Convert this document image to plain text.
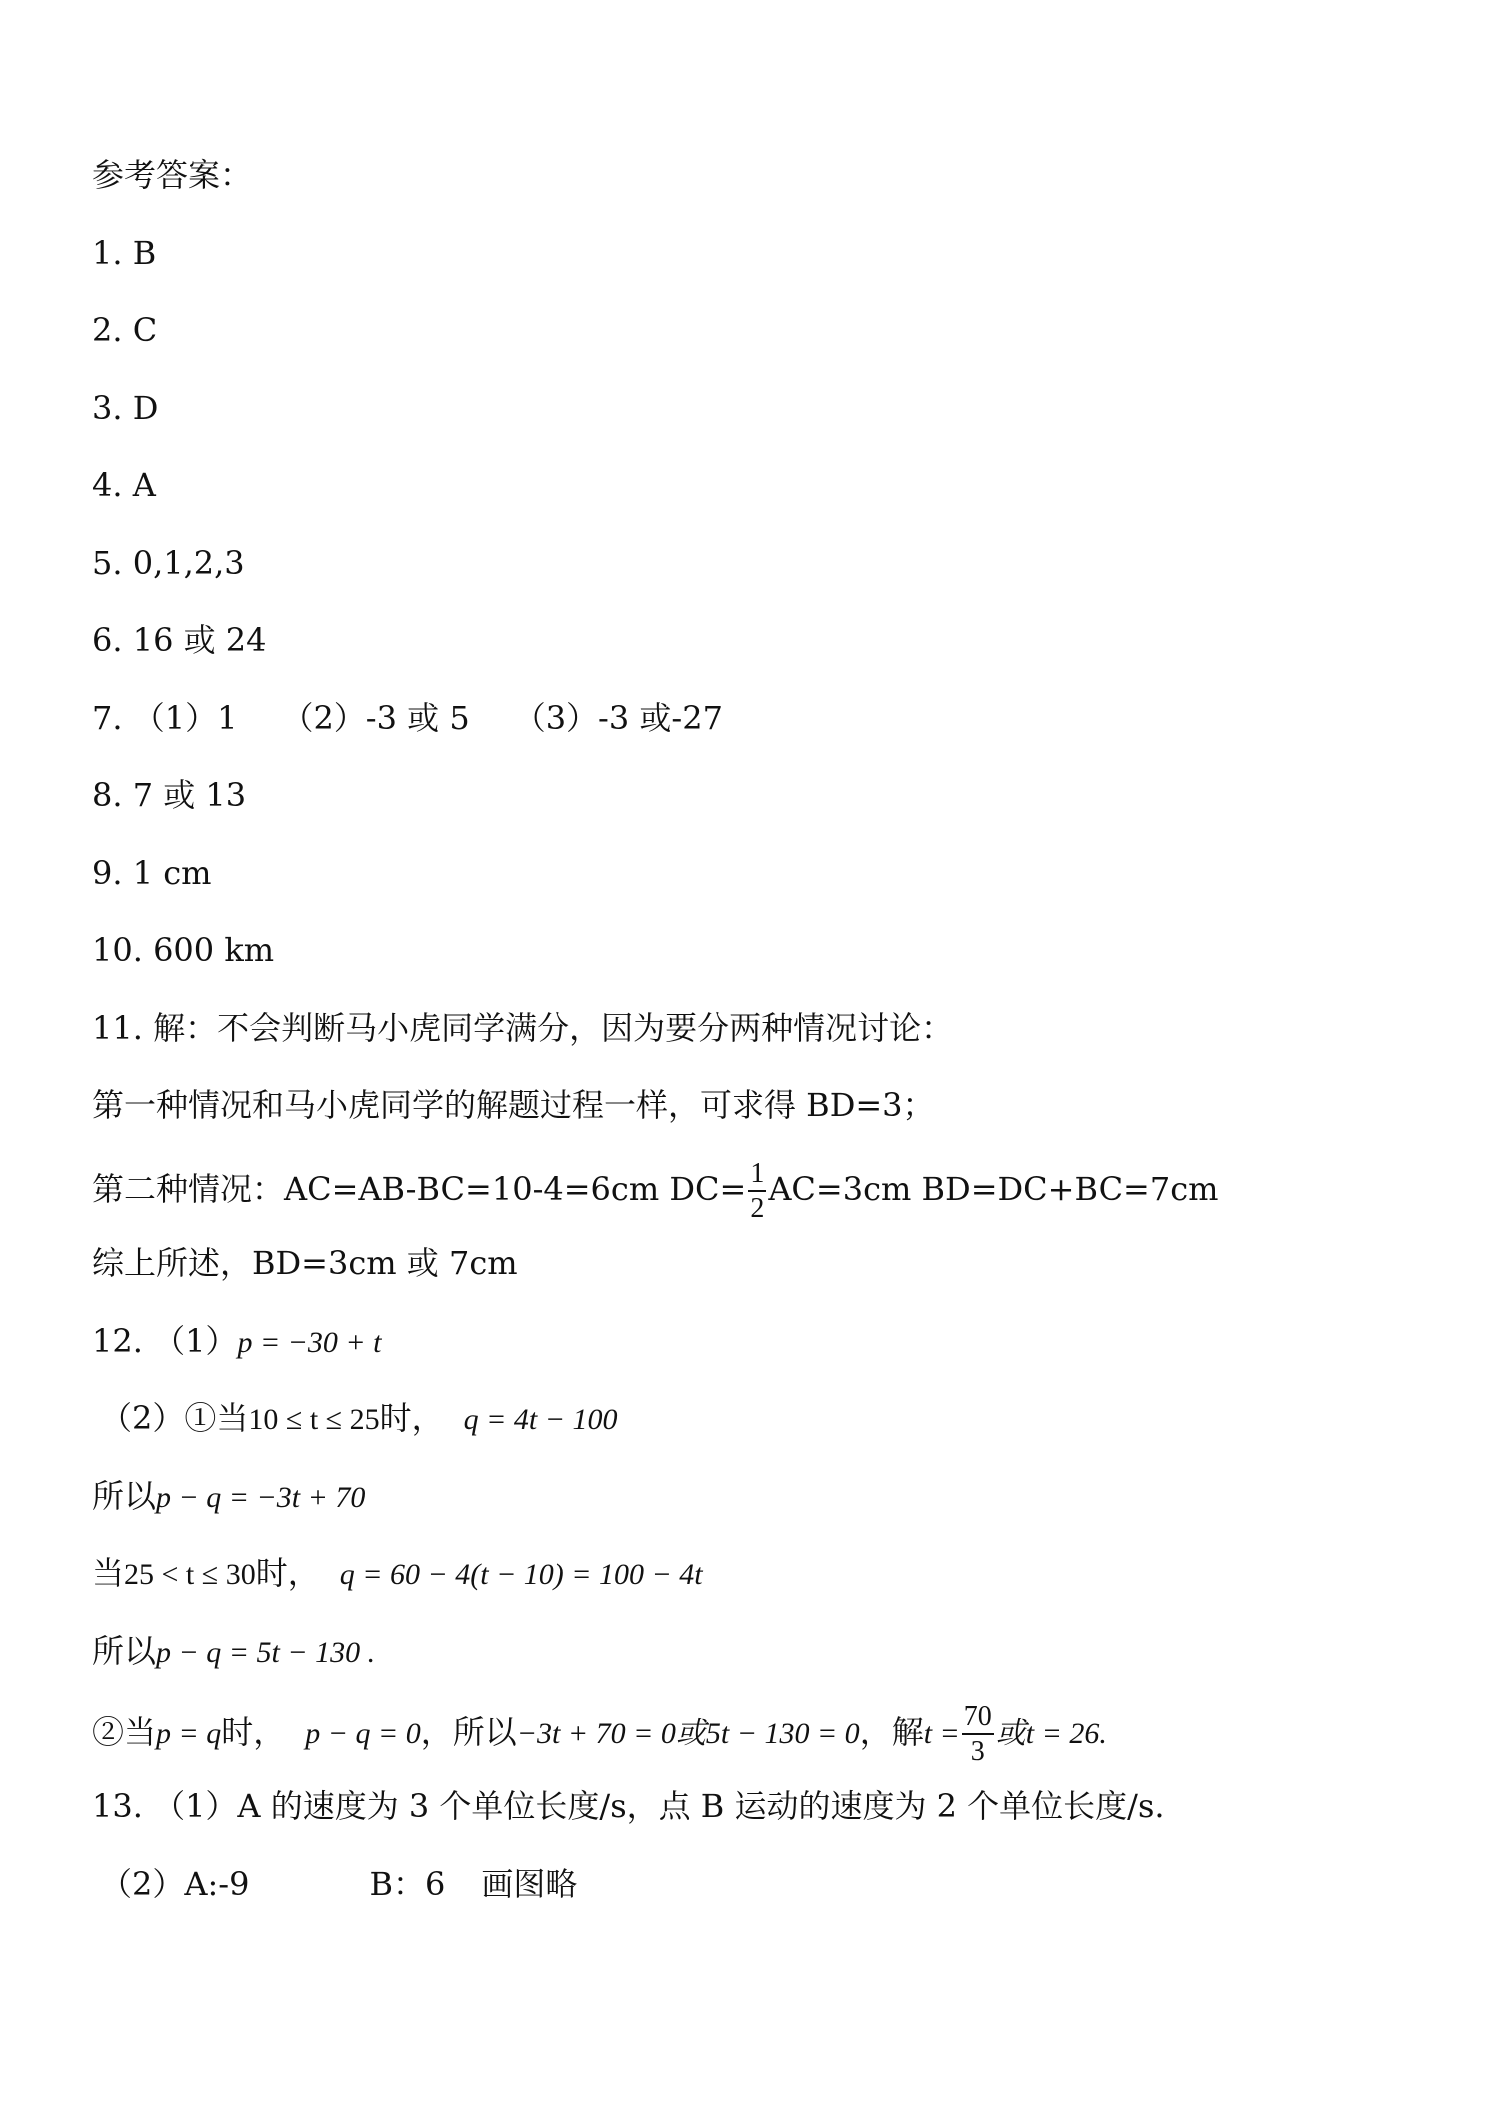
参考答案：
1. B
2. C
3. D
4. A
5. 0,1,2,3
6. 16 或 24
7. （1）1 （2）-3 或 5 （3）-3 或-27
8. 7 或 13
9. 1 cm
10. 600 km
11. 解：不会判断马小虎同学满分，因为要分两种情况讨论：
第一种情况和马小虎同学的解题过程一样，可求得 BD=3；
第二种情况：AC=AB-BC=10-4=6cm $DC= \frac{1}{2} AC=3cm$ BD=DC+BC=7cm
综上所述，BD=3cm 或 7cm
12. （1）p = −30 + t
（2）①当10 ≤ t ≤ 25时， q = 4t − 100
所以p − q = −3t + 70
当25 < t ≤ 30时， q = 60 − 4(t − 10) = 100 − 4t
所以p − q = 5t − 130 .
②当p = q时， p − q = 0，所以−3t + 70 = 0或5t − 130 = 0，解$t = \frac{70}{3}$ 或t = 26.
13. （1）A 的速度为 3 个单位长度/s，点 B 运动的速度为 2 个单位长度/s.
（2）A:-9	B：6 画图略
